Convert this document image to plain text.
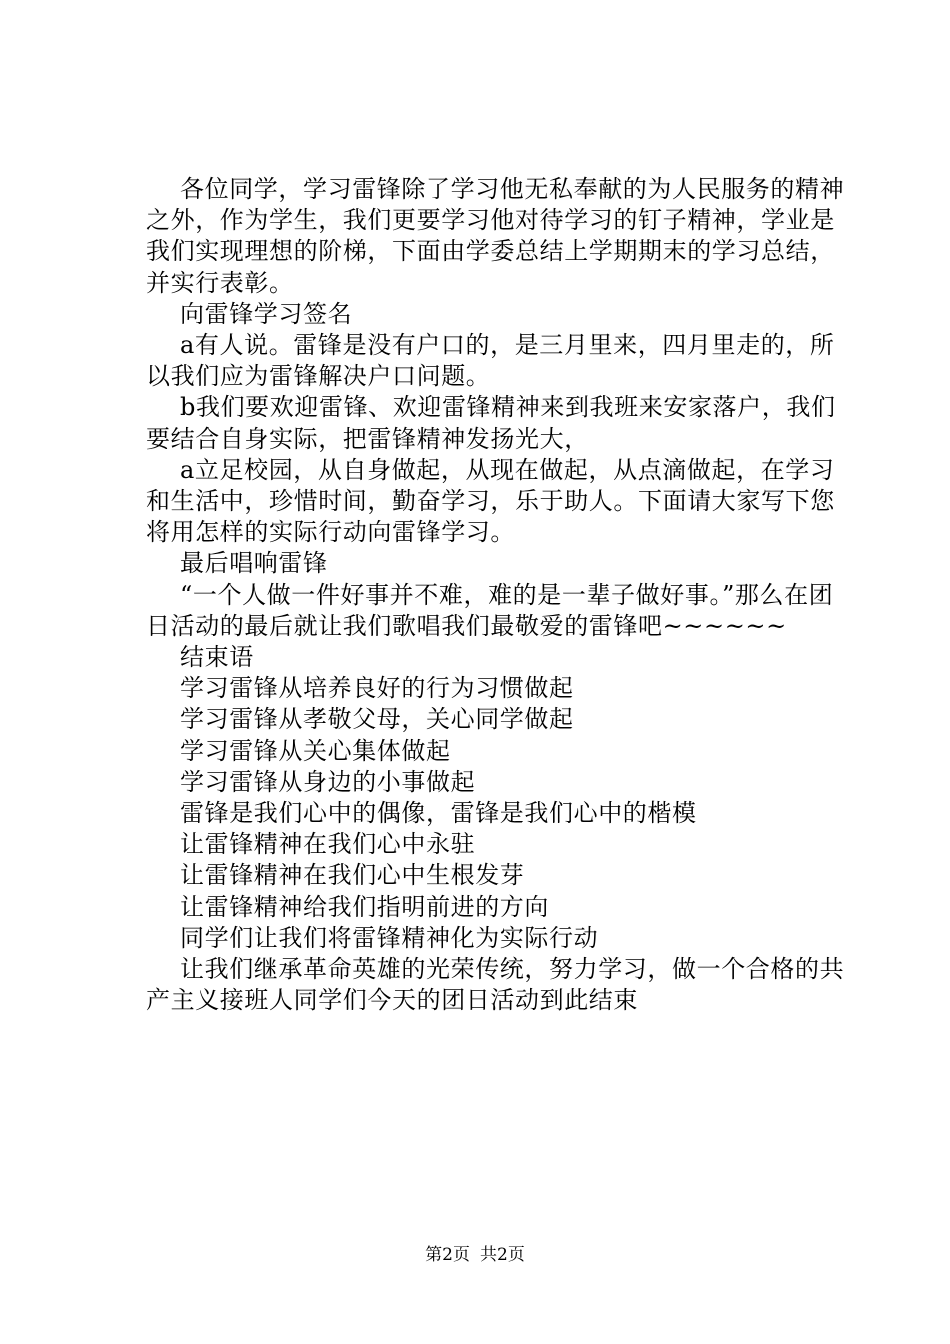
各位同学，学习雷锋除了学习他无私奉献的为人民服务的精神之外，作为学生，我们更要学习他对待学习的钉子精神，学业是我们实现理想的阶梯，下面由学委总结上学期期末的学习总结，并实行表彰。

向雷锋学习签名

a有人说。雷锋是没有户口的，是三月里来，四月里走的，所以我们应为雷锋解决户口问题。

b我们要欢迎雷锋、欢迎雷锋精神来到我班来安家落户，我们要结合自身实际，把雷锋精神发扬光大，

a立足校园，从自身做起，从现在做起，从点滴做起，在学习和生活中，珍惜时间，勤奋学习，乐于助人。下面请大家写下您将用怎样的实际行动向雷锋学习。

最后唱响雷锋

“一个人做一件好事并不难，难的是一辈子做好事。”那么在团日活动的最后就让我们歌唱我们最敬爱的雷锋吧~~~~~~

结束语

学习雷锋从培养良好的行为习惯做起

学习雷锋从孝敬父母，关心同学做起

学习雷锋从关心集体做起

学习雷锋从身边的小事做起

雷锋是我们心中的偶像，雷锋是我们心中的楷模

让雷锋精神在我们心中永驻

让雷锋精神在我们心中生根发芽

让雷锋精神给我们指明前进的方向

同学们让我们将雷锋精神化为实际行动

让我们继承革命英雄的光荣传统，努力学习，做一个合格的共产主义接班人同学们今天的团日活动到此结束

第2页 共2页
